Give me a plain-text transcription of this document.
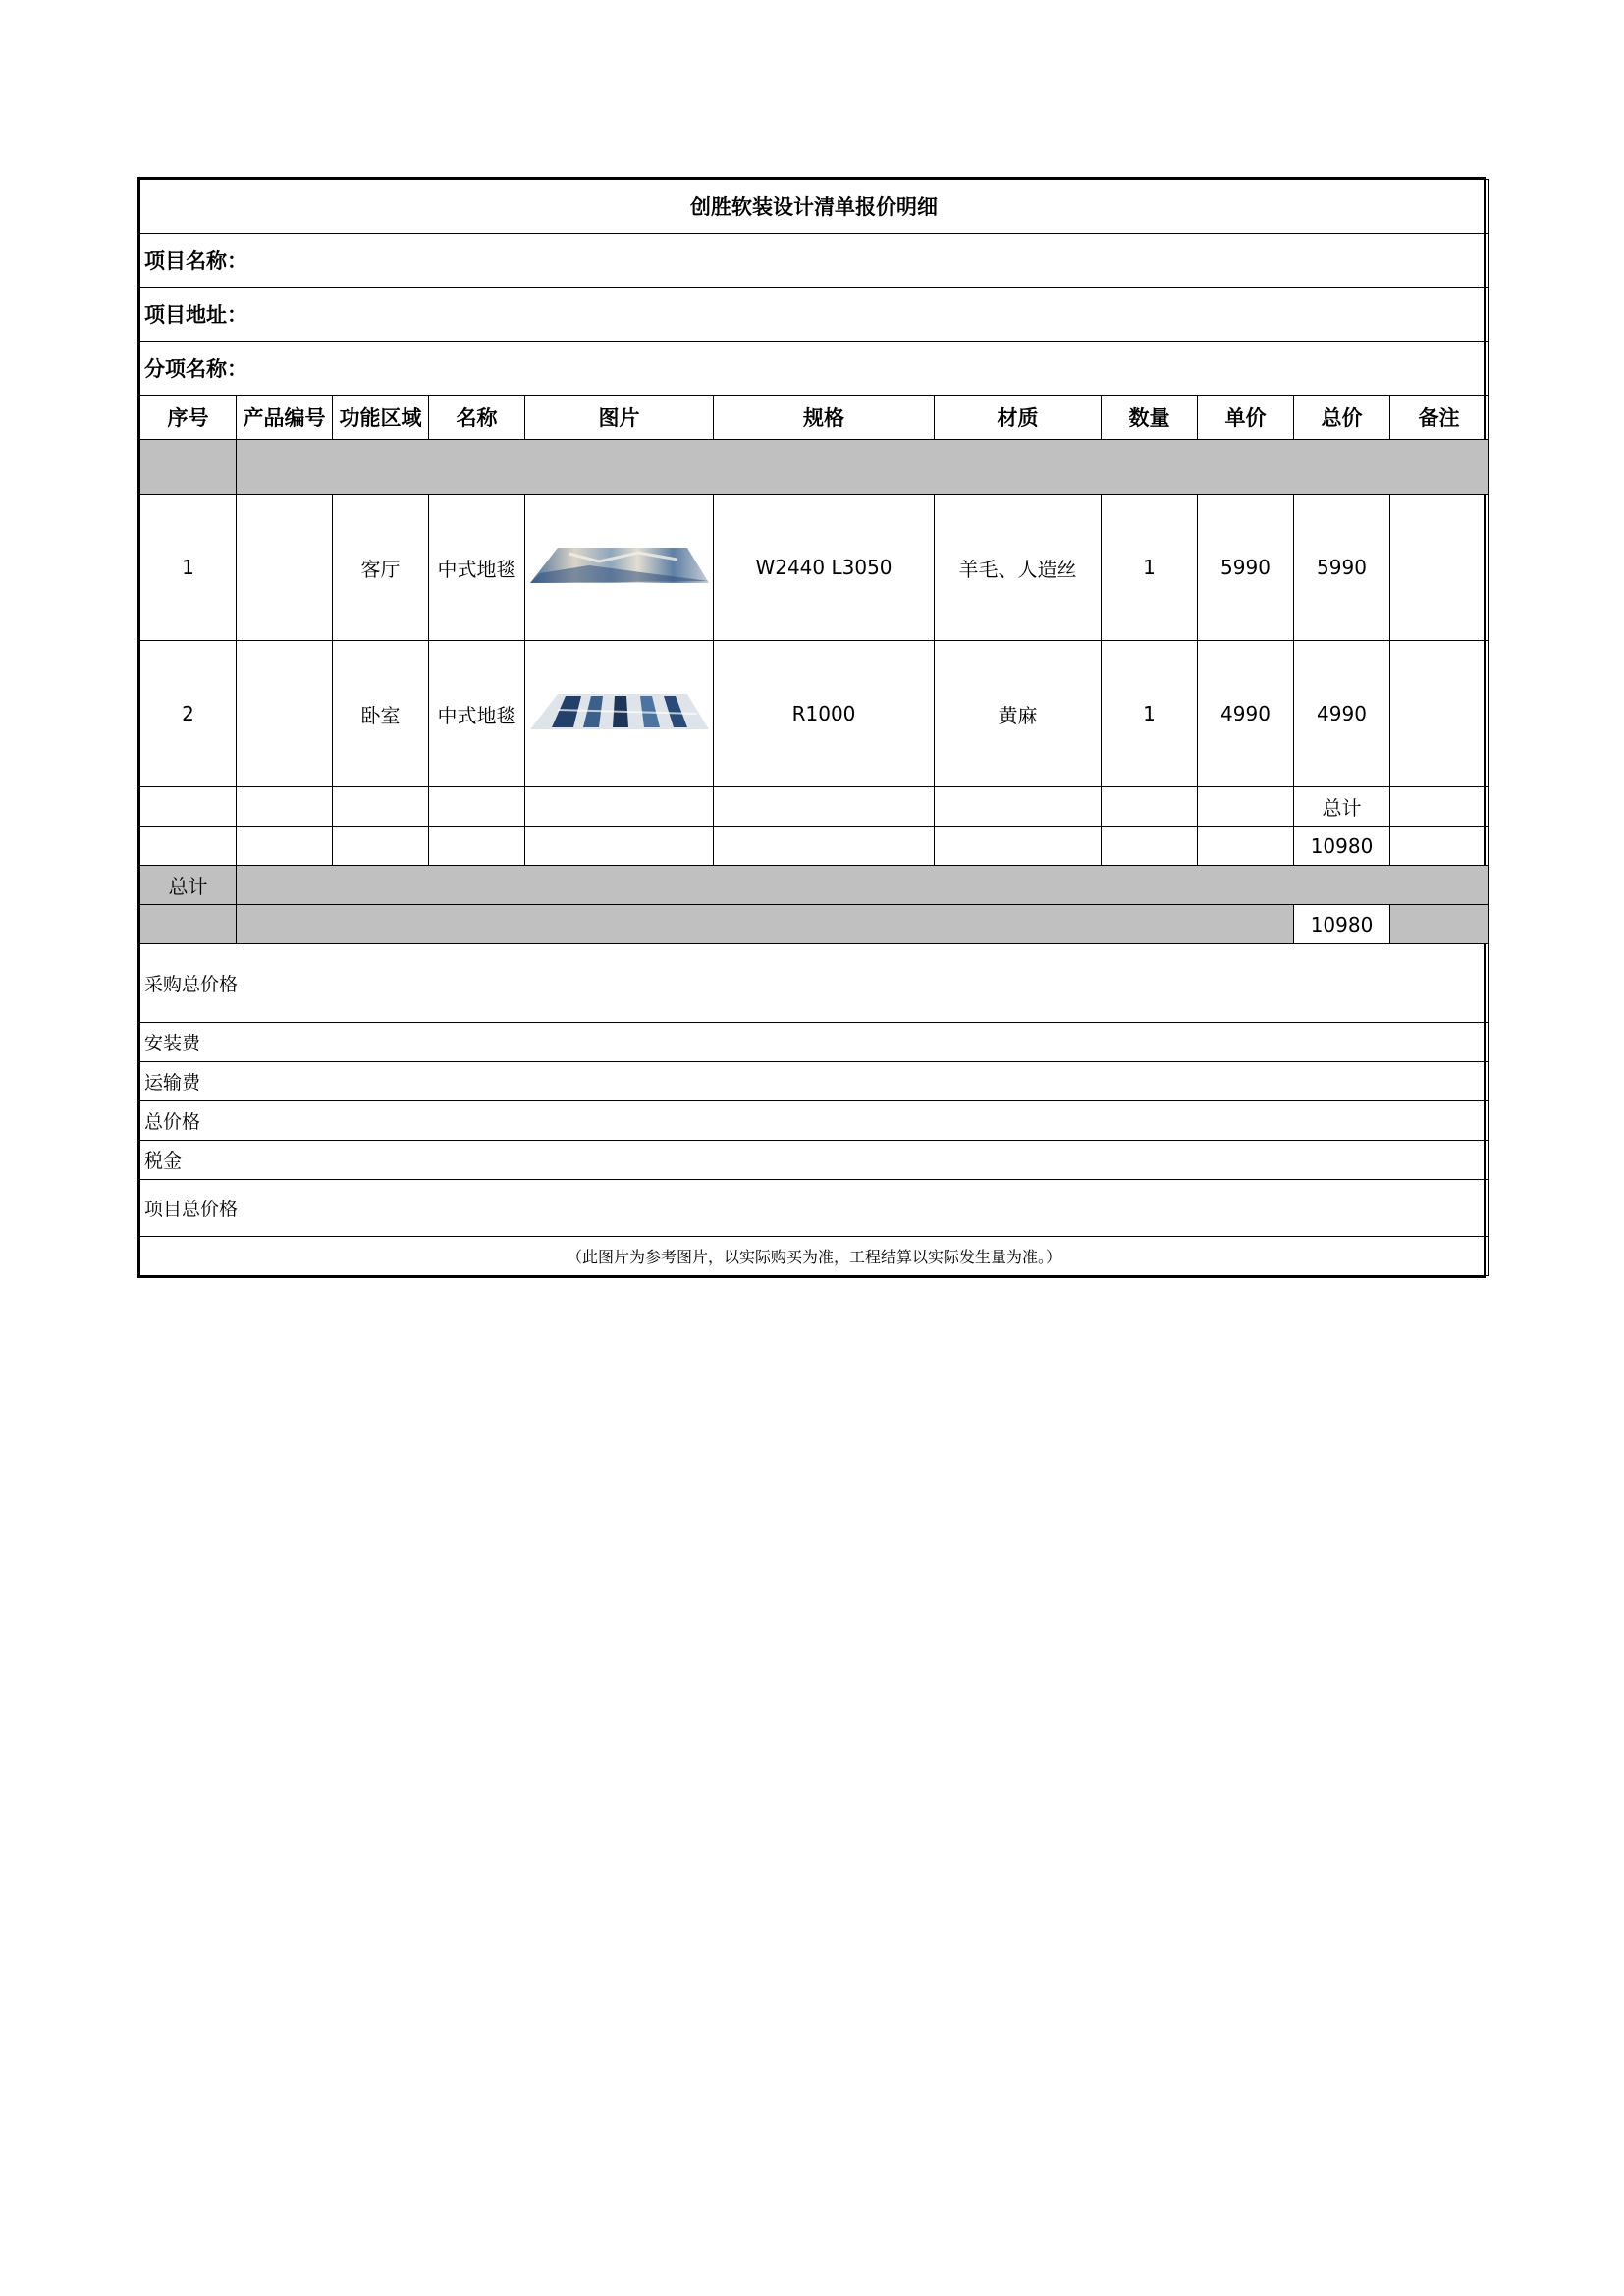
创胜软装设计清单报价明细										
项目名称：										
项目地址：										
分项名称：										
序号	产品编号	功能区域	名称	图片	规格	材质	数量	单价	总价	备注

1		客厅	中式地毯		W2440 L3050	羊毛、人造丝	1	5990	5990	
2		卧室	中式地毯		R1000	黄麻	1	4990	4990	
									总计	
									10980	
总计										
									10980	
采购总价格										
安装费										
运输费										
总价格										
税金										
项目总价格										
（此图片为参考图片，以实际购买为准，工程结算以实际发生量为准。）										
